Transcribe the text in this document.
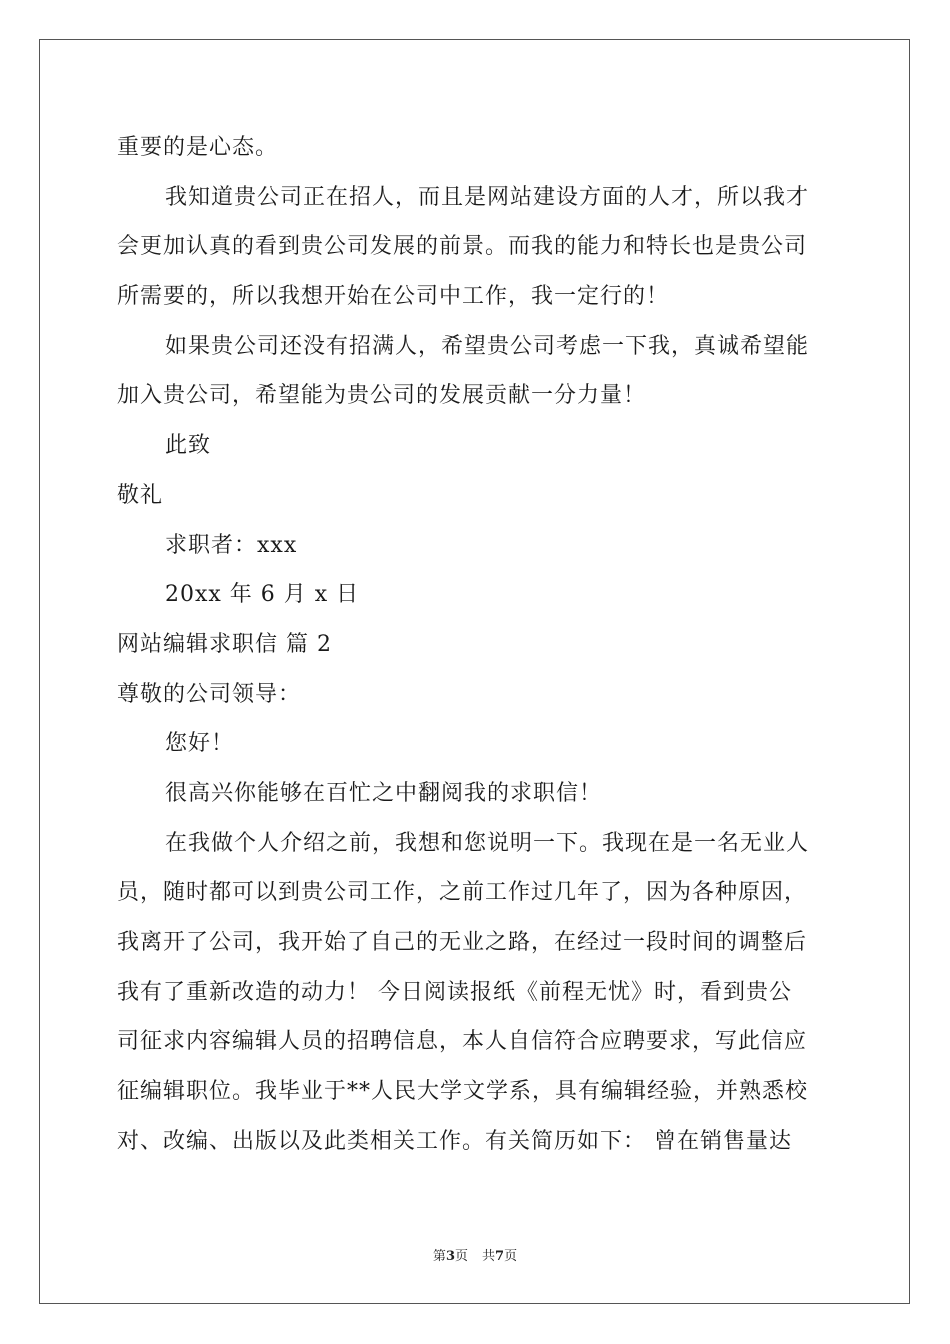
重要的是心态。
我知道贵公司正在招人，而且是网站建设方面的人才，所以我才
会更加认真的看到贵公司发展的前景。而我的能力和特长也是贵公司
所需要的，所以我想开始在公司中工作，我一定行的！
如果贵公司还没有招满人，希望贵公司考虑一下我，真诚希望能
加入贵公司，希望能为贵公司的发展贡献一分力量！
此致
敬礼
求职者：xxx
20xx 年 6 月 x 日
网站编辑求职信 篇 2
尊敬的公司领导：
您好！
很高兴你能够在百忙之中翻阅我的求职信！
在我做个人介绍之前，我想和您说明一下。我现在是一名无业人
员，随时都可以到贵公司工作，之前工作过几年了，因为各种原因，
我离开了公司，我开始了自己的无业之路，在经过一段时间的调整后
我有了重新改造的动力！ 今日阅读报纸《前程无忧》时，看到贵公
司征求内容编辑人员的招聘信息，本人自信符合应聘要求，写此信应
征编辑职位。我毕业于**人民大学文学系，具有编辑经验，并熟悉校
对、改编、出版以及此类相关工作。有关简历如下： 曾在销售量达
第3页 共7页
